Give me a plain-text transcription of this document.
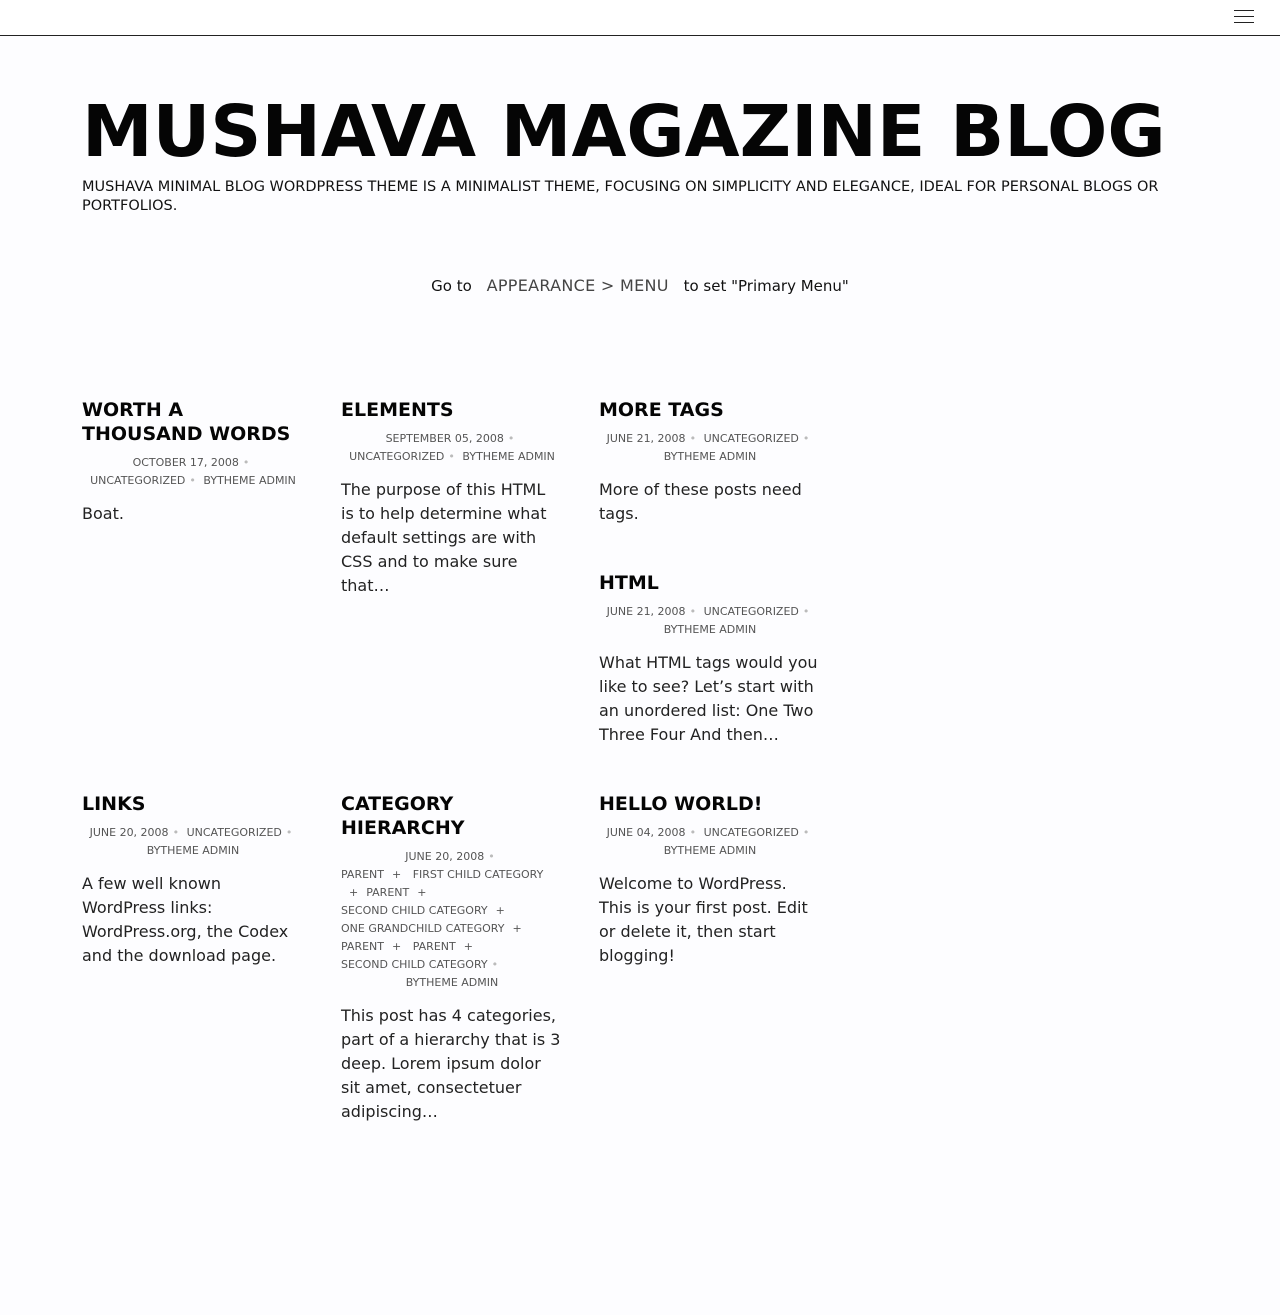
MUSHAVA MAGAZINE BLOG

MUSHAVA MINIMAL BLOG WORDPRESS THEME IS A MINIMALIST THEME, FOCUSING ON SIMPLICITY AND ELEGANCE, IDEAL FOR PERSONAL BLOGS OR PORTFOLIOS.

Go to APPEARANCE > MENU to set "Primary Menu"
WORTH A THOUSAND WORDS
OCTOBER 17, 2008 •
UNCATEGORIZED • BYTHEME ADMIN
Boat.
ELEMENTS
SEPTEMBER 05, 2008 •
UNCATEGORIZED • BYTHEME ADMIN
The purpose of this HTML is to help determine what default settings are with CSS and to make sure that…
MORE TAGS
JUNE 21, 2008 • UNCATEGORIZED •
BYTHEME ADMIN
More of these posts need tags.
HTML
JUNE 21, 2008 • UNCATEGORIZED •
BYTHEME ADMIN
What HTML tags would you like to see? Let’s start with an unordered list: One Two Three Four And then…
LINKS
JUNE 20, 2008 • UNCATEGORIZED •
BYTHEME ADMIN
A few well known WordPress links: WordPress.org, the Codex and the download page.
CATEGORY HIERARCHY
JUNE 20, 2008 •
PARENT + FIRST CHILD CATEGORY
+ PARENT +
SECOND CHILD CATEGORY +
ONE GRANDCHILD CATEGORY +
PARENT + PARENT +
SECOND CHILD CATEGORY •
BYTHEME ADMIN
This post has 4 categories, part of a hierarchy that is 3 deep. Lorem ipsum dolor sit amet, consectetuer adipiscing…
HELLO WORLD!
JUNE 04, 2008 • UNCATEGORIZED •
BYTHEME ADMIN
Welcome to WordPress. This is your first post. Edit or delete it, then start blogging!
